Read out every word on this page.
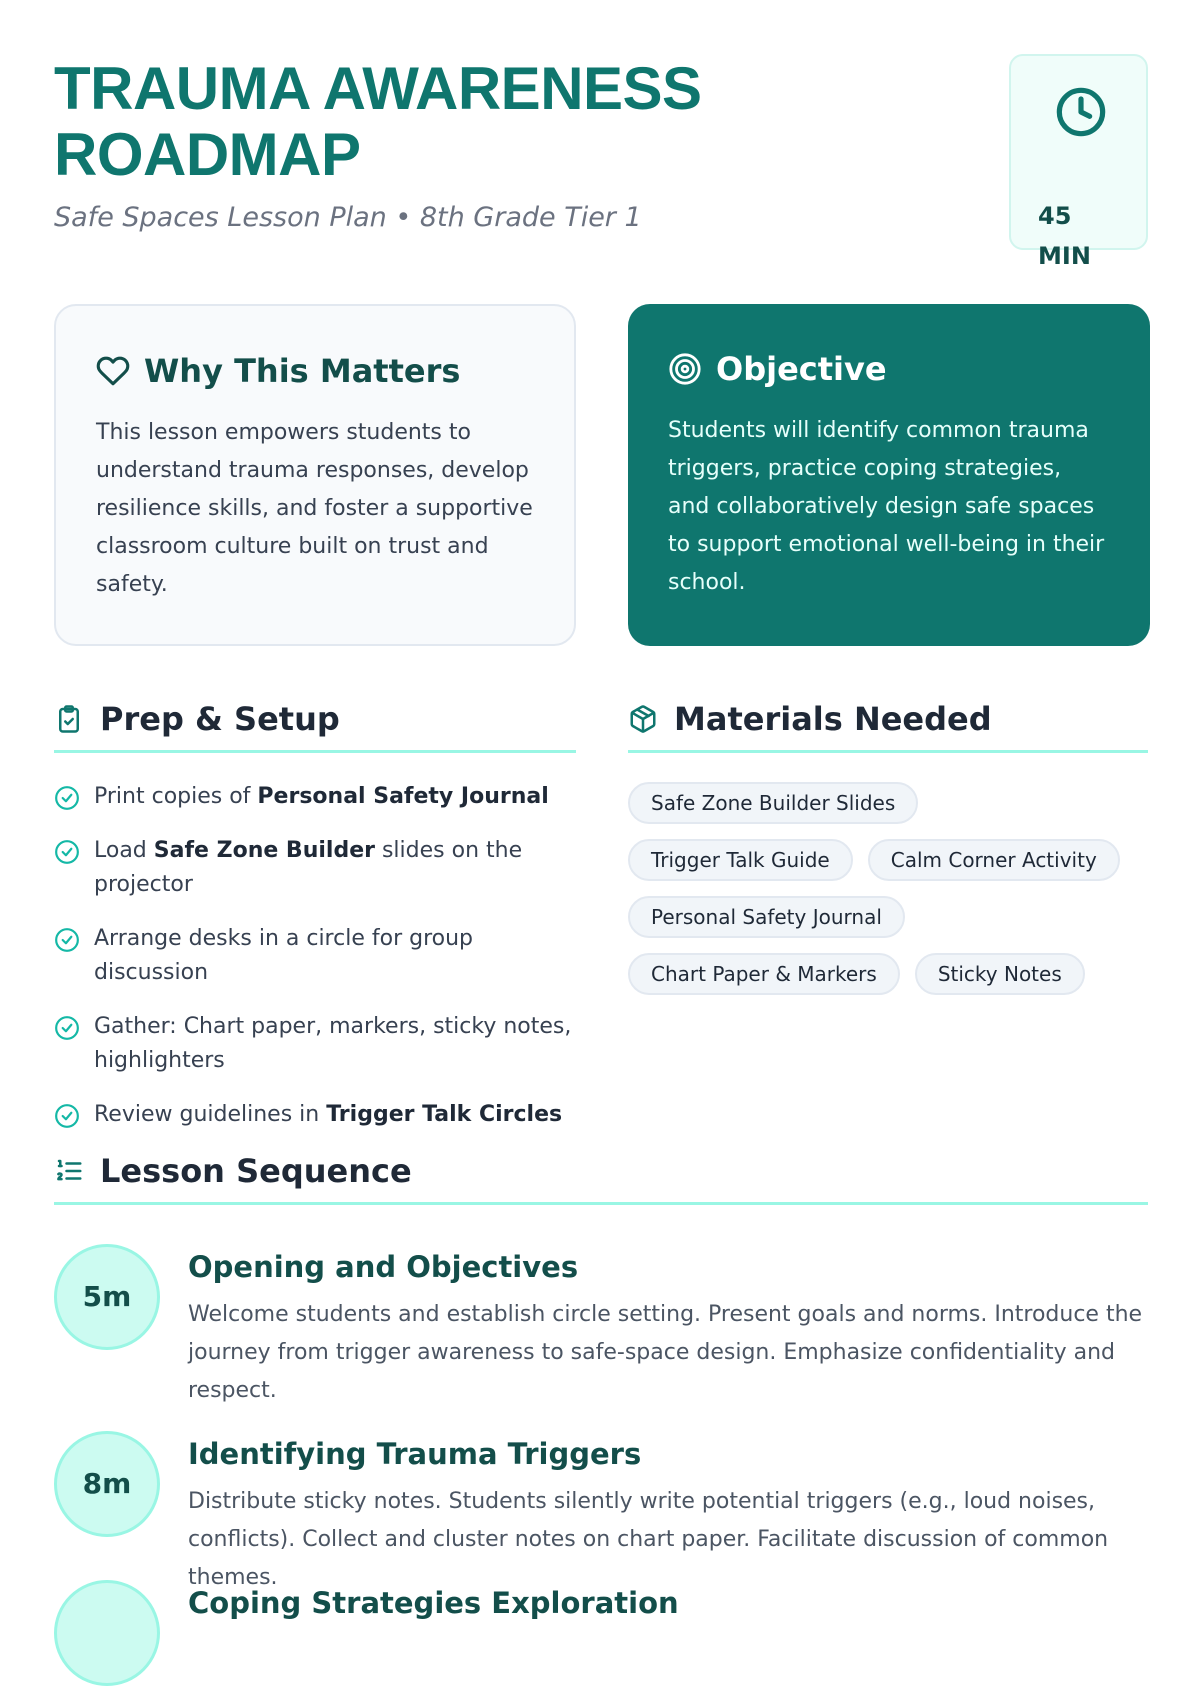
TRAUMA AWARENESS
ROADMAP
Safe Spaces Lesson Plan • 8th Grade Tier 1	45
MIN
Why This Matters

This lesson empowers students to understand trauma responses, develop resilience skills, and foster a supportive classroom culture built on trust and safety.

Objective

Students will identify common trauma triggers, practice coping strategies, and collaboratively design safe spaces to support emotional well-being in their school.

Prep & Setup
Print copies of Personal Safety Journal
Load Safe Zone Builder slides on the projector
Arrange desks in a circle for group discussion
Gather: Chart paper, markers, sticky notes, highlighters
Review guidelines in Trigger Talk Circles
Materials Needed
Safe Zone Builder Slides
Trigger Talk Guide	Calm Corner Activity
Personal Safety Journal
Chart Paper & Markers	Sticky Notes
Lesson Sequence
5m
Opening and Objectives

Welcome students and establish circle setting. Present goals and norms. Introduce the journey from trigger awareness to safe-space design. Emphasize confidentiality and respect.

8m
Identifying Trauma Triggers

Distribute sticky notes. Students silently write potential triggers (e.g., loud noises, conflicts). Collect and cluster notes on chart paper. Facilitate discussion of common themes.

Coping Strategies Exploration
